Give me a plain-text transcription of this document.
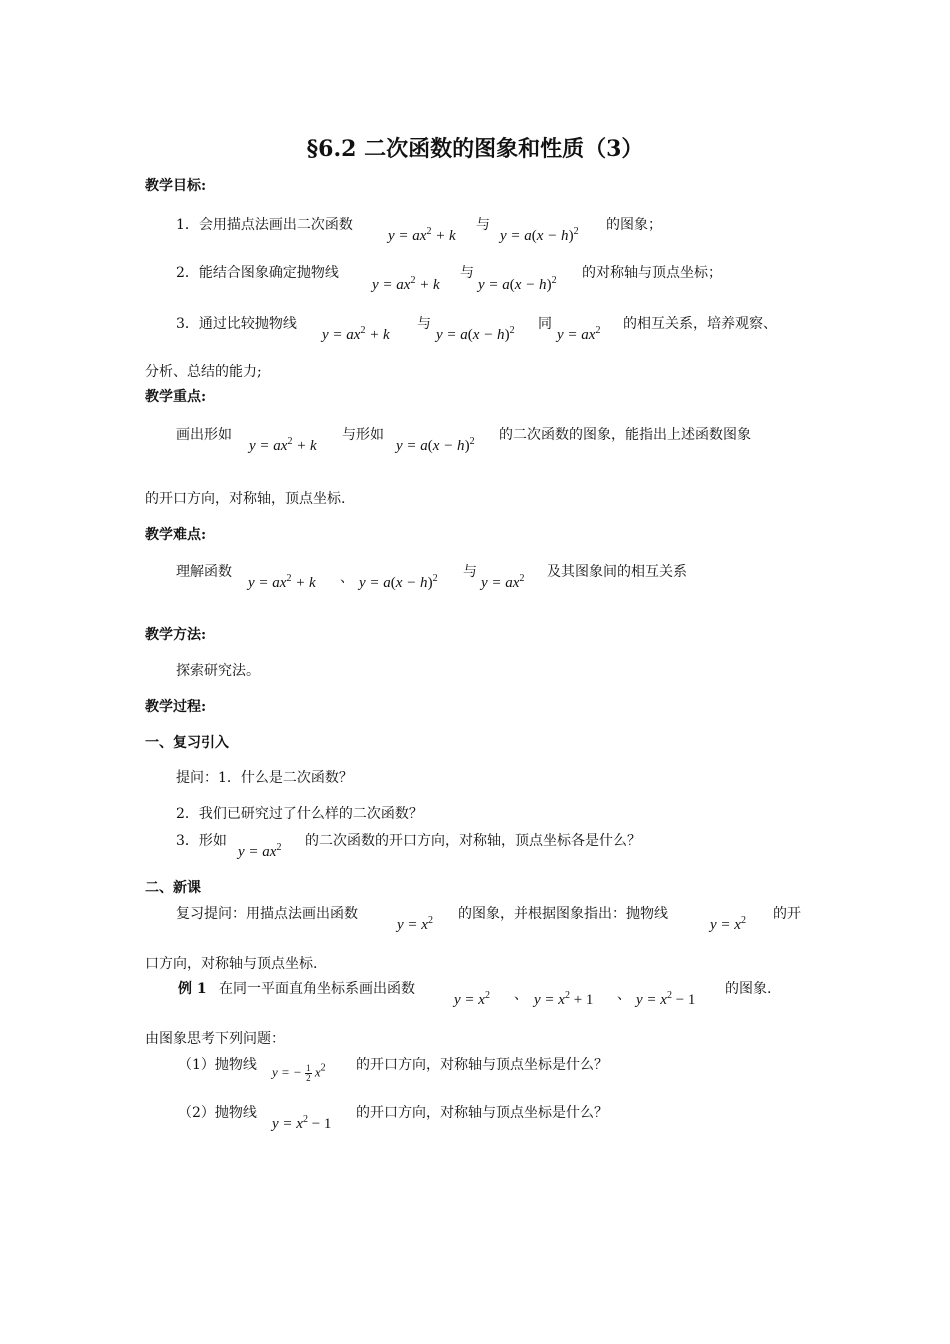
§6.2 二次函数的图象和性质（3）
教学目标:
1．会用描点法画出二次函数
$y = ax^2 + k$
与
$y = a(x - h)^2$ 的图象；
2．能结合图象确定抛物线
$y = ax^2 + k$
与
$y = a(x - h)^2$ 的对称轴与顶点坐标；
3．通过比较抛物线
$y = ax^2 + k$
与
$y = a(x - h)^2$ 同
$y = ax^2$ 的相互关系，培养观察、
分析、总结的能力;
教学重点:
画出形如
$y = ax^2 + k$
与形如
$y = a(x - h)^2$ 的二次函数的图象，能指出上述函数图象
的开口方向，对称轴，顶点坐标.
教学难点:
理解函数
$y = ax^2 + k$ 、 $y = a(x - h)^2$ 与
$y = ax^2$ 及其图象间的相互关系
教学方法:
探索研究法。
教学过程:
一、复习引入
提问：1．什么是二次函数？
2．我们已研究过了什么样的二次函数？
3．形如
$y = ax^2$ 的二次函数的开口方向，对称轴，顶点坐标各是什么？
二、新课
复习提问：用描点法画出函数
$y = x^2$ 的图象，并根据图象指出：抛物线
$y = x^2$ 的开
口方向，对称轴与顶点坐标.
例 1 在同一平面直角坐标系画出函数
$y = x^2$ 、 $y = x^2 + 1$ 、 $y = x^2 - 1$
的图象.
由图象思考下列问题：
（1）抛物线 y = − $\frac{1}{2} x^2$ 的开口方向，对称轴与顶点坐标是什么？
（2）抛物线
$y = x^2 - 1$
的开口方向，对称轴与顶点坐标是什么？
